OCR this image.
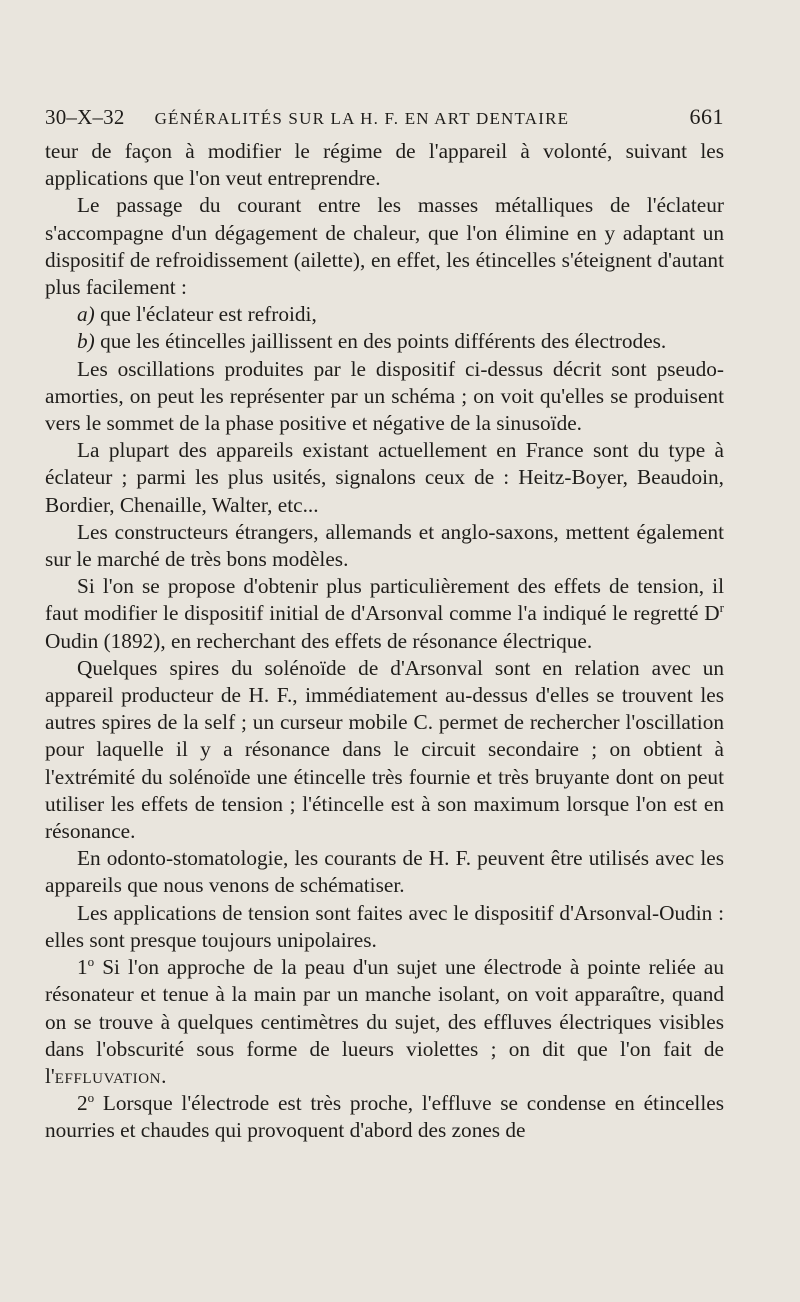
30–X–32 GÉNÉRALITÉS SUR LA H. F. EN ART DENTAIRE	661

teur de façon à modifier le régime de l'appareil à volonté, suivant les applications que l'on veut entreprendre.

Le passage du courant entre les masses métalliques de l'éclateur s'accompagne d'un dégagement de chaleur, que l'on élimine en y adaptant un dispositif de refroidissement (ailette), en effet, les étincelles s'éteignent d'autant plus facilement :

a) que l'éclateur est refroidi,

b) que les étincelles jaillissent en des points différents des électrodes.

Les oscillations produites par le dispositif ci-dessus décrit sont pseudo-amorties, on peut les représenter par un schéma ; on voit qu'elles se produisent vers le sommet de la phase positive et négative de la sinusoïde.

La plupart des appareils existant actuellement en France sont du type à éclateur ; parmi les plus usités, signalons ceux de : Heitz-Boyer, Beaudoin, Bordier, Chenaille, Walter, etc...

Les constructeurs étrangers, allemands et anglo-saxons, mettent également sur le marché de très bons modèles.

Si l'on se propose d'obtenir plus particulièrement des effets de tension, il faut modifier le dispositif initial de d'Arsonval comme l'a indiqué le regretté $D^r$ Oudin (1892), en recherchant des effets de résonance électrique.

Quelques spires du solénoïde de d'Arsonval sont en relation avec un appareil producteur de H. F., immédiatement au-dessus d'elles se trouvent les autres spires de la self ; un curseur mobile C. permet de rechercher l'oscillation pour laquelle il y a résonance dans le circuit secondaire ; on obtient à l'extrémité du solénoïde une étincelle très fournie et très bruyante dont on peut utiliser les effets de tension ; l'étincelle est à son maximum lorsque l'on est en résonance.

En odonto-stomatologie, les courants de H. F. peuvent être utilisés avec les appareils que nous venons de schématiser.

Les applications de tension sont faites avec le dispositif d'Arsonval-Oudin : elles sont presque toujours unipolaires.

1$^o$ Si l'on approche de la peau d'un sujet une électrode à pointe reliée au résonateur et tenue à la main par un manche isolant, on voit apparaître, quand on se trouve à quelques centimètres du sujet, des effluves électriques visibles dans l'obscurité sous forme de lueurs violettes ; on dit que l'on fait de l'effluvation.

2$^o$ Lorsque l'électrode est très proche, l'effluve se condense en étincelles nourries et chaudes qui provoquent d'abord des zones de
